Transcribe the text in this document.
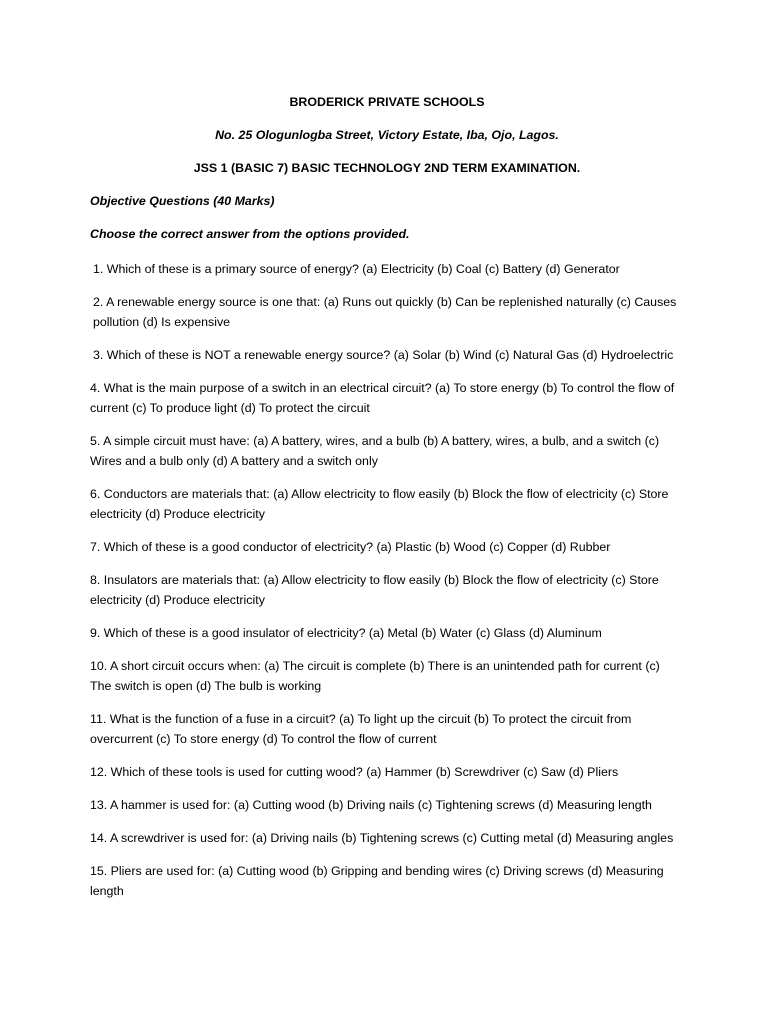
BRODERICK PRIVATE SCHOOLS

No. 25 Ologunlogba Street, Victory Estate, Iba, Ojo, Lagos.

JSS 1 (BASIC 7) BASIC TECHNOLOGY 2ND TERM EXAMINATION.

Objective Questions (40 Marks)

Choose the correct answer from the options provided.

1. Which of these is a primary source of energy? (a) Electricity (b) Coal (c) Battery (d) Generator

2. A renewable energy source is one that: (a) Runs out quickly (b) Can be replenished naturally (c) Causes pollution (d) Is expensive

3. Which of these is NOT a renewable energy source? (a) Solar (b) Wind (c) Natural Gas (d) Hydroelectric

4. What is the main purpose of a switch in an electrical circuit? (a) To store energy (b) To control the flow of current (c) To produce light (d) To protect the circuit

5. A simple circuit must have: (a) A battery, wires, and a bulb (b) A battery, wires, a bulb, and a switch (c) Wires and a bulb only (d) A battery and a switch only

6. Conductors are materials that: (a) Allow electricity to flow easily (b) Block the flow of electricity (c) Store electricity (d) Produce electricity

7. Which of these is a good conductor of electricity? (a) Plastic (b) Wood (c) Copper (d) Rubber

8. Insulators are materials that: (a) Allow electricity to flow easily (b) Block the flow of electricity (c) Store electricity (d) Produce electricity

9. Which of these is a good insulator of electricity? (a) Metal (b) Water (c) Glass (d) Aluminum

10. A short circuit occurs when: (a) The circuit is complete (b) There is an unintended path for current (c) The switch is open (d) The bulb is working

11. What is the function of a fuse in a circuit? (a) To light up the circuit (b) To protect the circuit from overcurrent (c) To store energy (d) To control the flow of current

12. Which of these tools is used for cutting wood? (a) Hammer (b) Screwdriver (c) Saw (d) Pliers

13. A hammer is used for: (a) Cutting wood (b) Driving nails (c) Tightening screws (d) Measuring length

14. A screwdriver is used for: (a) Driving nails (b) Tightening screws (c) Cutting metal (d) Measuring angles

15. Pliers are used for: (a) Cutting wood (b) Gripping and bending wires (c) Driving screws (d) Measuring length
